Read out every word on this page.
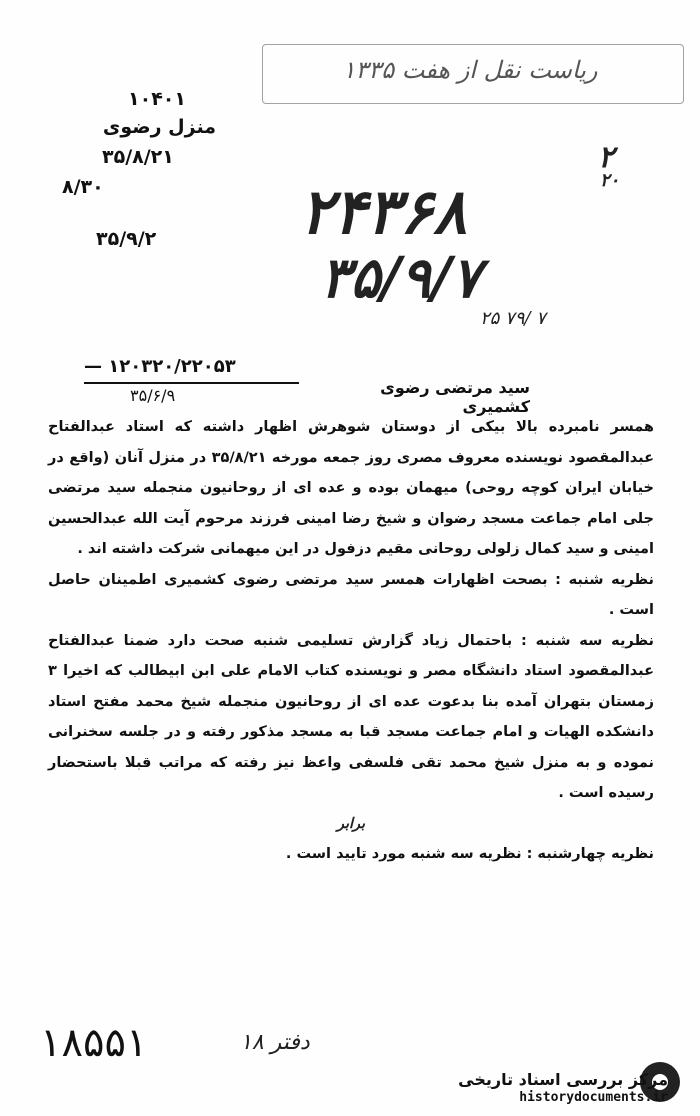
ریاست نقل از هفت ۱۳۳۵
۱۰۴۰۱
منزل رضوی
۳۵/۸/۲۱
۸/۳۰
۳۵/۹/۲ ۲۴۳۶۸
۳۵/۹/۷
۲
۲۰
۲۵ ۷۹/ ۷
— ۱۲۰۳۲۰/۲۲۰۵۳
۳۵/۶/۹	سید مرتضی رضوی کشمیری

همسر نامبرده بالا بیکی از دوستان شوهرش اظهار داشته که استاد عبدالفتاح عبدالمقصود نویسنده معروف مصری روز جمعه مورخه ۳۵/۸/۲۱ در منزل آنان (واقع در خیابان ایران کوچه روحی) میهمان بوده و عده ای از روحانیون منجمله سید مرتضی جلی امام جماعت مسجد رضوان و شیخ رضا امینی فرزند مرحوم آیت الله عبدالحسین امینی و سید کمال زلولی روحانی مقیم دزفول در این میهمانی شرکت داشته اند .

نظریه شنبه : بصحت اظهارات همسر سید مرتضی رضوی کشمیری اطمینان حاصل است .

نظریه سه شنبه : باحتمال زیاد گزارش تسلیمی شنبه صحت دارد ضمنا عبدالفتاح عبدالمقصود استاد دانشگاه مصر و نویسنده کتاب الامام علی ابن ابیطالب که اخیرا ۳ زمستان بتهران آمده بنا بدعوت عده ای از روحانیون منجمله شیخ محمد مفتح استاد دانشکده الهیات و امام جماعت مسجد قبا به مسجد مذکور رفته و در جلسه سخنرانی نموده و به منزل شیخ محمد تقی فلسفی واعظ نیز رفته که مراتب قبلا باستحضار رسیده است .

برابر

نظریه چهارشنبه : نظریه سه شنبه مورد تایید است .

۱۸۵۵۱	دفتر ۱۸
مرکز بررسی اسناد تاریخی
historydocuments.ir
